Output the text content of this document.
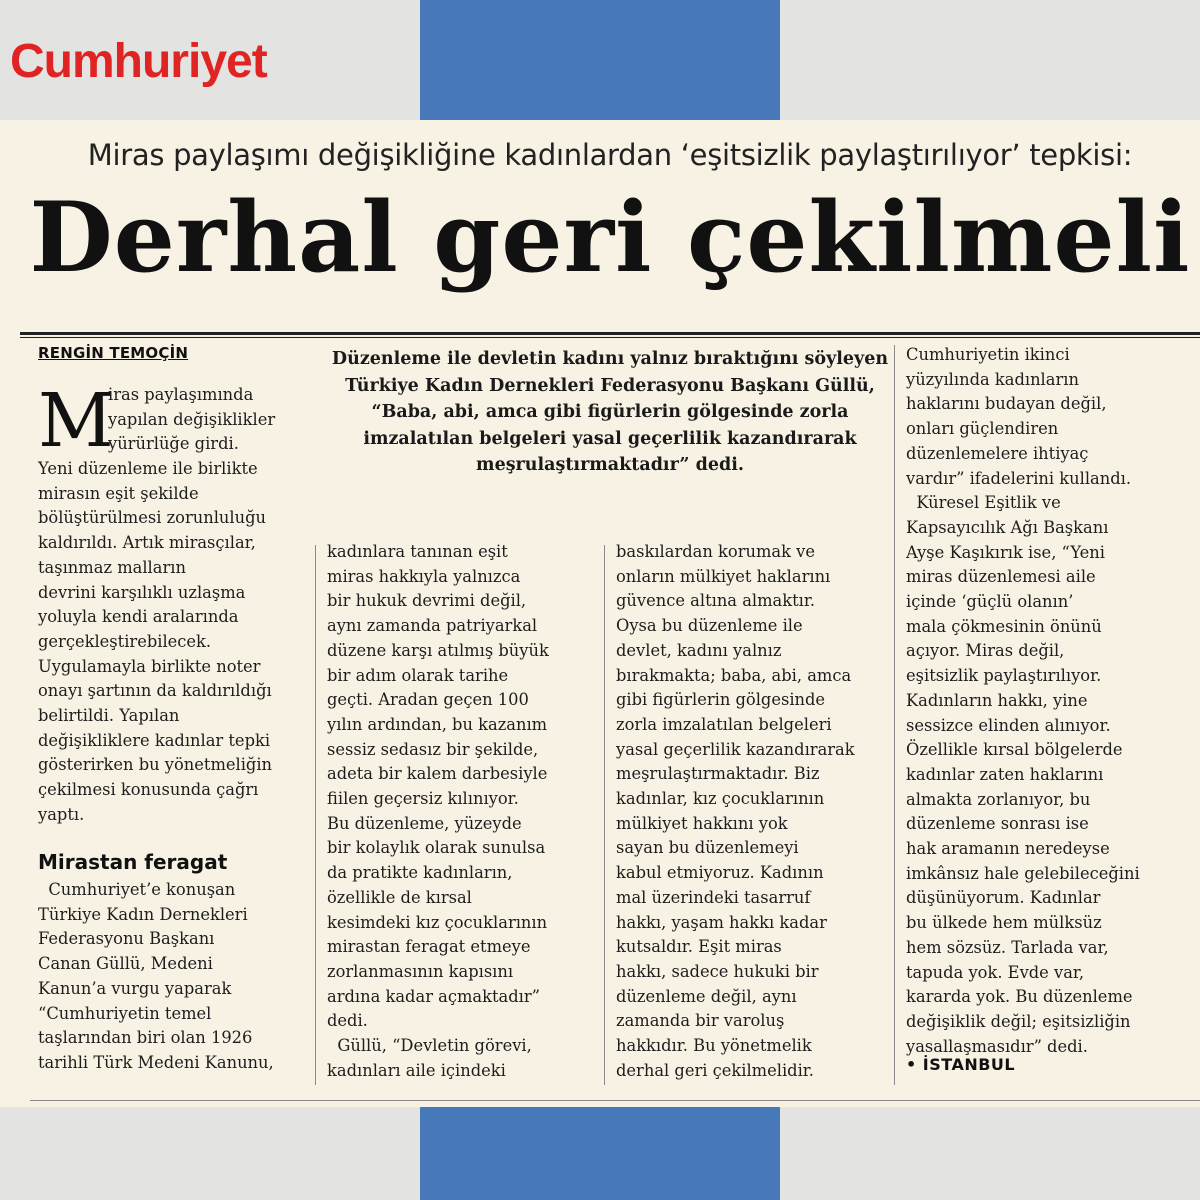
Cumhuriyet
Miras paylaşımı değişikliğine kadınlardan ‘eşitsizlik paylaştırılıyor’ tepkisi:
Derhal geri çekilmeli
RENGİN TEMOÇİN	Düzenleme ile devletin kadını yalnız bıraktığını söyleyen Türkiye Kadın Dernekleri Federasyonu Başkanı Güllü, “Baba, abi, amca gibi figürlerin gölgesinde zorla imzalatılan belgeleri yasal geçerlilik kazandırarak meşrulaştırmaktadır” dedi.
M
iras paylaşımında
yapılan değişiklikler
yürürlüğe girdi.
Yeni düzenleme ile birlikte
mirasın eşit şekilde
bölüştürülmesi zorunluluğu
kaldırıldı. Artık mirasçılar,
taşınmaz malların
devrini karşılıklı uzlaşma
yoluyla kendi aralarında
gerçekleştirebilecek.
Uygulamayla birlikte noter
onayı şartının da kaldırıldığı
belirtildi. Yapılan
değişikliklere kadınlar tepki
gösterirken bu yönetmeliğin
çekilmesi konusunda çağrı
yaptı.
Mirastan feragat
Cumhuriyet’e konuşan
Türkiye Kadın Dernekleri
Federasyonu Başkanı
Canan Güllü, Medeni
Kanun’a vurgu yaparak
“Cumhuriyetin temel
taşlarından biri olan 1926
tarihli Türk Medeni Kanunu,
kadınlara tanınan eşit
miras hakkıyla yalnızca
bir hukuk devrimi değil,
aynı zamanda patriyarkal
düzene karşı atılmış büyük
bir adım olarak tarihe
geçti. Aradan geçen 100
yılın ardından, bu kazanım
sessiz sedasız bir şekilde,
adeta bir kalem darbesiyle
fiilen geçersiz kılınıyor.
Bu düzenleme, yüzeyde
bir kolaylık olarak sunulsa
da pratikte kadınların,
özellikle de kırsal
kesimdeki kız çocuklarının
mirastan feragat etmeye
zorlanmasının kapısını
ardına kadar açmaktadır”
dedi.
Güllü, “Devletin görevi,
kadınları aile içindeki
baskılardan korumak ve
onların mülkiyet haklarını
güvence altına almaktır.
Oysa bu düzenleme ile
devlet, kadını yalnız
bırakmakta; baba, abi, amca
gibi figürlerin gölgesinde
zorla imzalatılan belgeleri
yasal geçerlilik kazandırarak
meşrulaştırmaktadır. Biz
kadınlar, kız çocuklarının
mülkiyet hakkını yok
sayan bu düzenlemeyi
kabul etmiyoruz. Kadının
mal üzerindeki tasarruf
hakkı, yaşam hakkı kadar
kutsaldır. Eşit miras
hakkı, sadece hukuki bir
düzenleme değil, aynı
zamanda bir varoluş
hakkıdır. Bu yönetmelik
derhal geri çekilmelidir.
Cumhuriyetin ikinci
yüzyılında kadınların
haklarını budayan değil,
onları güçlendiren
düzenlemelere ihtiyaç
vardır” ifadelerini kullandı.
Küresel Eşitlik ve
Kapsayıcılık Ağı Başkanı
Ayşe Kaşıkırık ise, “Yeni
miras düzenlemesi aile
içinde ‘güçlü olanın’
mala çökmesinin önünü
açıyor. Miras değil,
eşitsizlik paylaştırılıyor.
Kadınların hakkı, yine
sessizce elinden alınıyor.
Özellikle kırsal bölgelerde
kadınlar zaten haklarını
almakta zorlanıyor, bu
düzenleme sonrası ise
hak aramanın neredeyse
imkânsız hale gelebileceğini
düşünüyorum. Kadınlar
bu ülkede hem mülksüz
hem sözsüz. Tarlada var,
tapuda yok. Evde var,
kararda yok. Bu düzenleme
değişiklik değil; eşitsizliğin
yasallaşmasıdır” dedi.
• İSTANBUL
